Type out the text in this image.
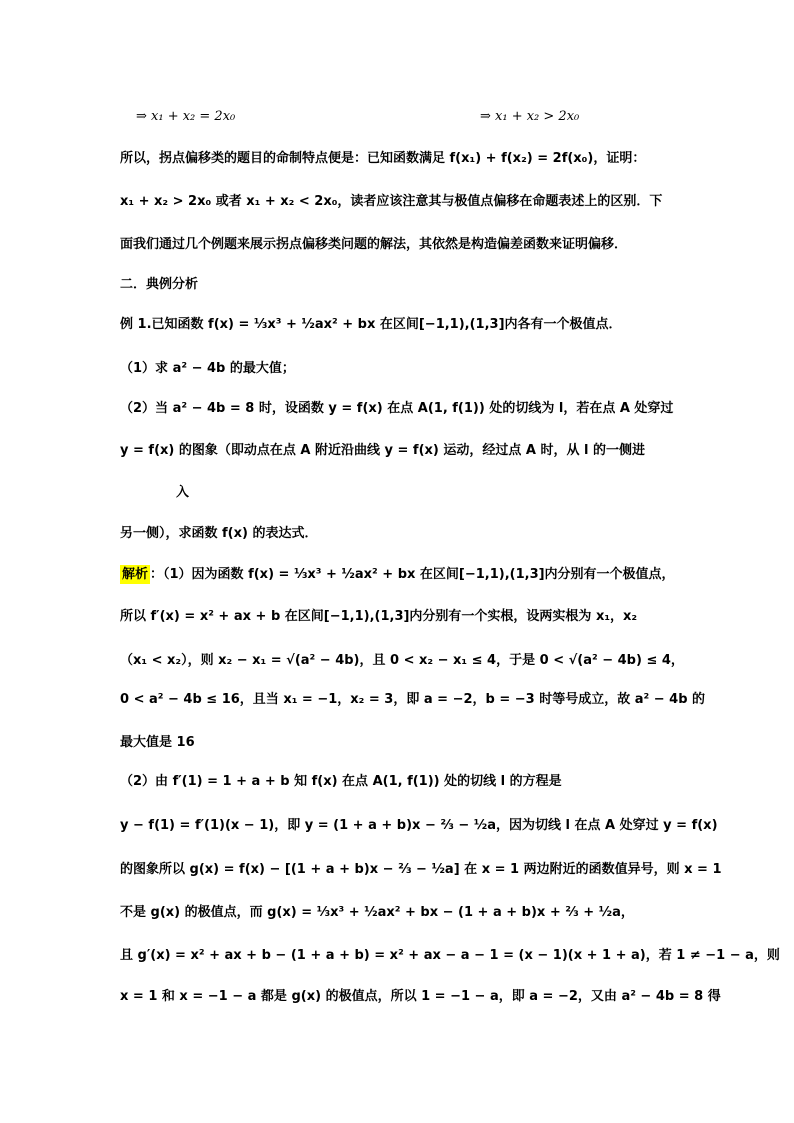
⇒ x₁ + x₂ = 2x₀	⇒ x₁ + x₂ > 2x₀
所以，拐点偏移类的题目的命制特点便是：已知函数满足 f(x₁) + f(x₂) = 2f(x₀)，证明：
x₁ + x₂ > 2x₀ 或者 x₁ + x₂ < 2x₀，读者应该注意其与极值点偏移在命题表述上的区别．下
面我们通过几个例题来展示拐点偏移类问题的解法，其依然是构造偏差函数来证明偏移．
二．典例分析
例 1.已知函数 f(x) = ⅓x³ + ½ax² + bx 在区间[−1,1),(1,3]内各有一个极值点．
（1）求 a² − 4b 的最大值；
（2）当 a² − 4b = 8 时，设函数 y = f(x) 在点 A(1, f(1)) 处的切线为 l，若在点 A 处穿过
y = f(x) 的图象（即动点在点 A 附近沿曲线 y = f(x) 运动，经过点 A 时，从 l 的一侧进
入
另一侧），求函数 f(x) 的表达式．
解析 ：（1）因为函数 f(x) = ⅓x³ + ½ax² + bx 在区间[−1,1),(1,3]内分别有一个极值点，
所以 f′(x) = x² + ax + b 在区间[−1,1),(1,3]内分别有一个实根，设两实根为 x₁，x₂
（x₁ < x₂），则 x₂ − x₁ = √(a² − 4b)，且 0 < x₂ − x₁ ≤ 4，于是 0 < √(a² − 4b) ≤ 4，
0 < a² − 4b ≤ 16，且当 x₁ = −1，x₂ = 3，即 a = −2，b = −3 时等号成立，故 a² − 4b 的
最大值是 16
（2）由 f′(1) = 1 + a + b 知 f(x) 在点 A(1, f(1)) 处的切线 l 的方程是
y − f(1) = f′(1)(x − 1)，即 y = (1 + a + b)x − ⅔ − ½a，因为切线 l 在点 A 处穿过 y = f(x)
的图象所以 g(x) = f(x) − [(1 + a + b)x − ⅔ − ½a] 在 x = 1 两边附近的函数值异号，则 x = 1
不是 g(x) 的极值点，而 g(x) = ⅓x³ + ½ax² + bx − (1 + a + b)x + ⅔ + ½a，
且 g′(x) = x² + ax + b − (1 + a + b) = x² + ax − a − 1 = (x − 1)(x + 1 + a)，若 1 ≠ −1 − a，则
x = 1 和 x = −1 − a 都是 g(x) 的极值点，所以 1 = −1 − a，即 a = −2，又由 a² − 4b = 8 得
